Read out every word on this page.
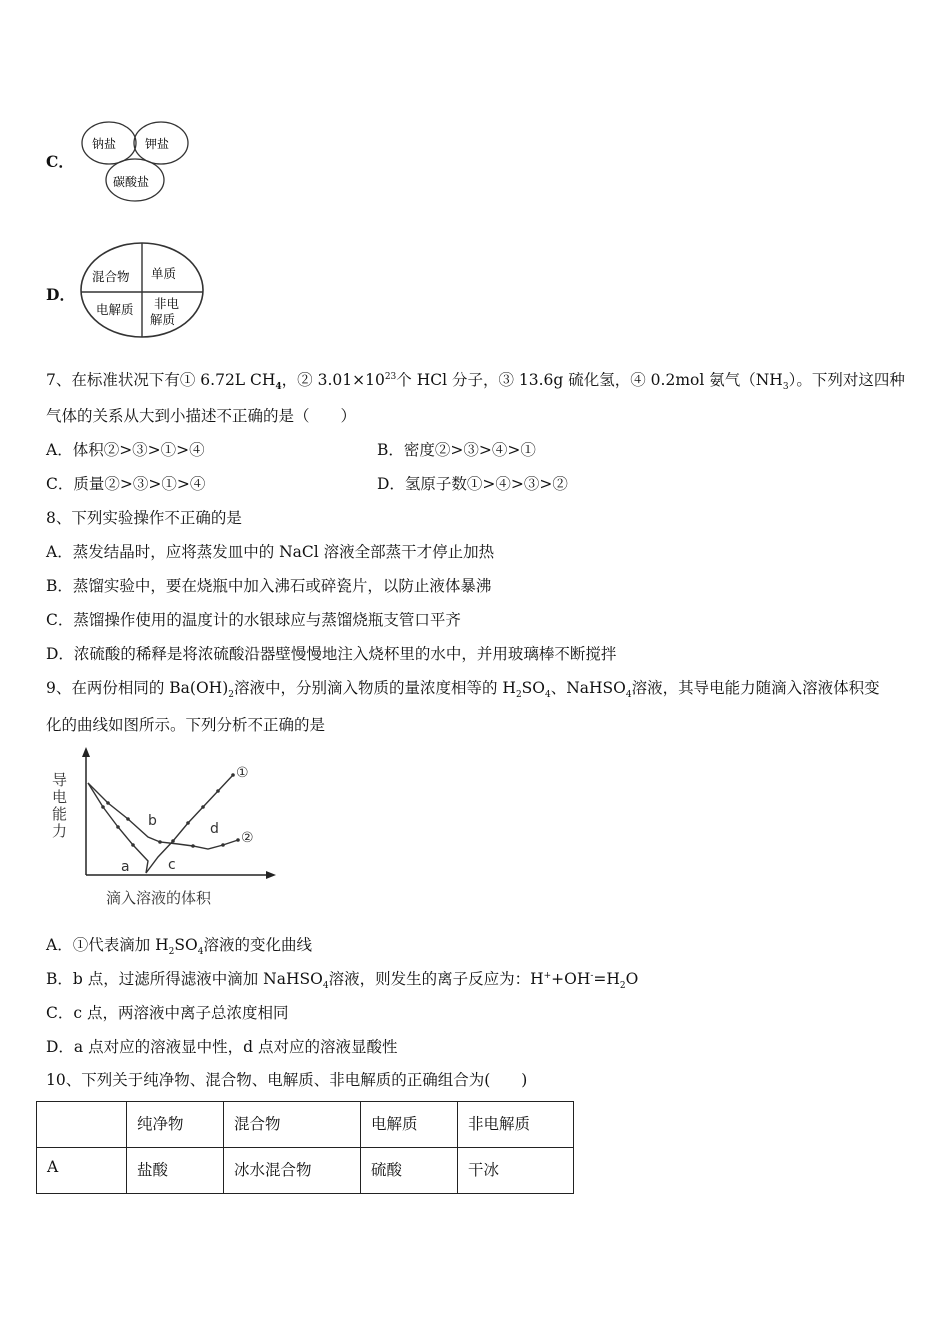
C．
钠盐 钾盐
碳酸盐
D．
混合物 单质
电解质 非电
解质
7、在标准状况下有① 6.72L $CH_4$，② $3.01\times 10^{23}$个 HCl 分子，③ 13.6g 硫化氢，④ 0.2mol 氨气$(NH_3)$。下列对这四种
气体的关系从大到小描述不正确的是（　　）
A．体积②>③>①>④	B．密度②>③>④>①
C．质量②>③>①>④	D．氢原子数①>④>③>②
8、下列实验操作不正确的是
A．蒸发结晶时，应将蒸发皿中的 NaCl 溶液全部蒸干才停止加热
B．蒸馏实验中，要在烧瓶中加入沸石或碎瓷片，以防止液体暴沸
C．蒸馏操作使用的温度计的水银球应与蒸馏烧瓶支管口平齐
D．浓硫酸的稀释是将浓硫酸沿器壁慢慢地注入烧杯里的水中，并用玻璃棒不断搅拌
9、在两份相同的 $Ba(OH)_2$溶液中，分别滴入物质的量浓度相等的 $H_2SO_4$、NaHSO$_4$溶液，其导电能力随滴入溶液体积变
化的曲线如图所示。下列分析不正确的是
导
电
能
力
①
②
a
b
c
d
滴入溶液的体积
A．①代表滴加 $H_2SO_4$溶液的变化曲线
B．b 点，过滤所得滤液中滴加 NaHSO$_4$溶液，则发生的离子反应为：$H^++OH^-=H_2O$
C．c 点，两溶液中离子总浓度相同
D．a 点对应的溶液显中性，d 点对应的溶液显酸性
10、下列关于纯净物、混合物、电解质、非电解质的正确组合为(　　)
	纯净物	混合物	电解质	非电解质
A	盐酸	冰水混合物	硫酸	干冰
